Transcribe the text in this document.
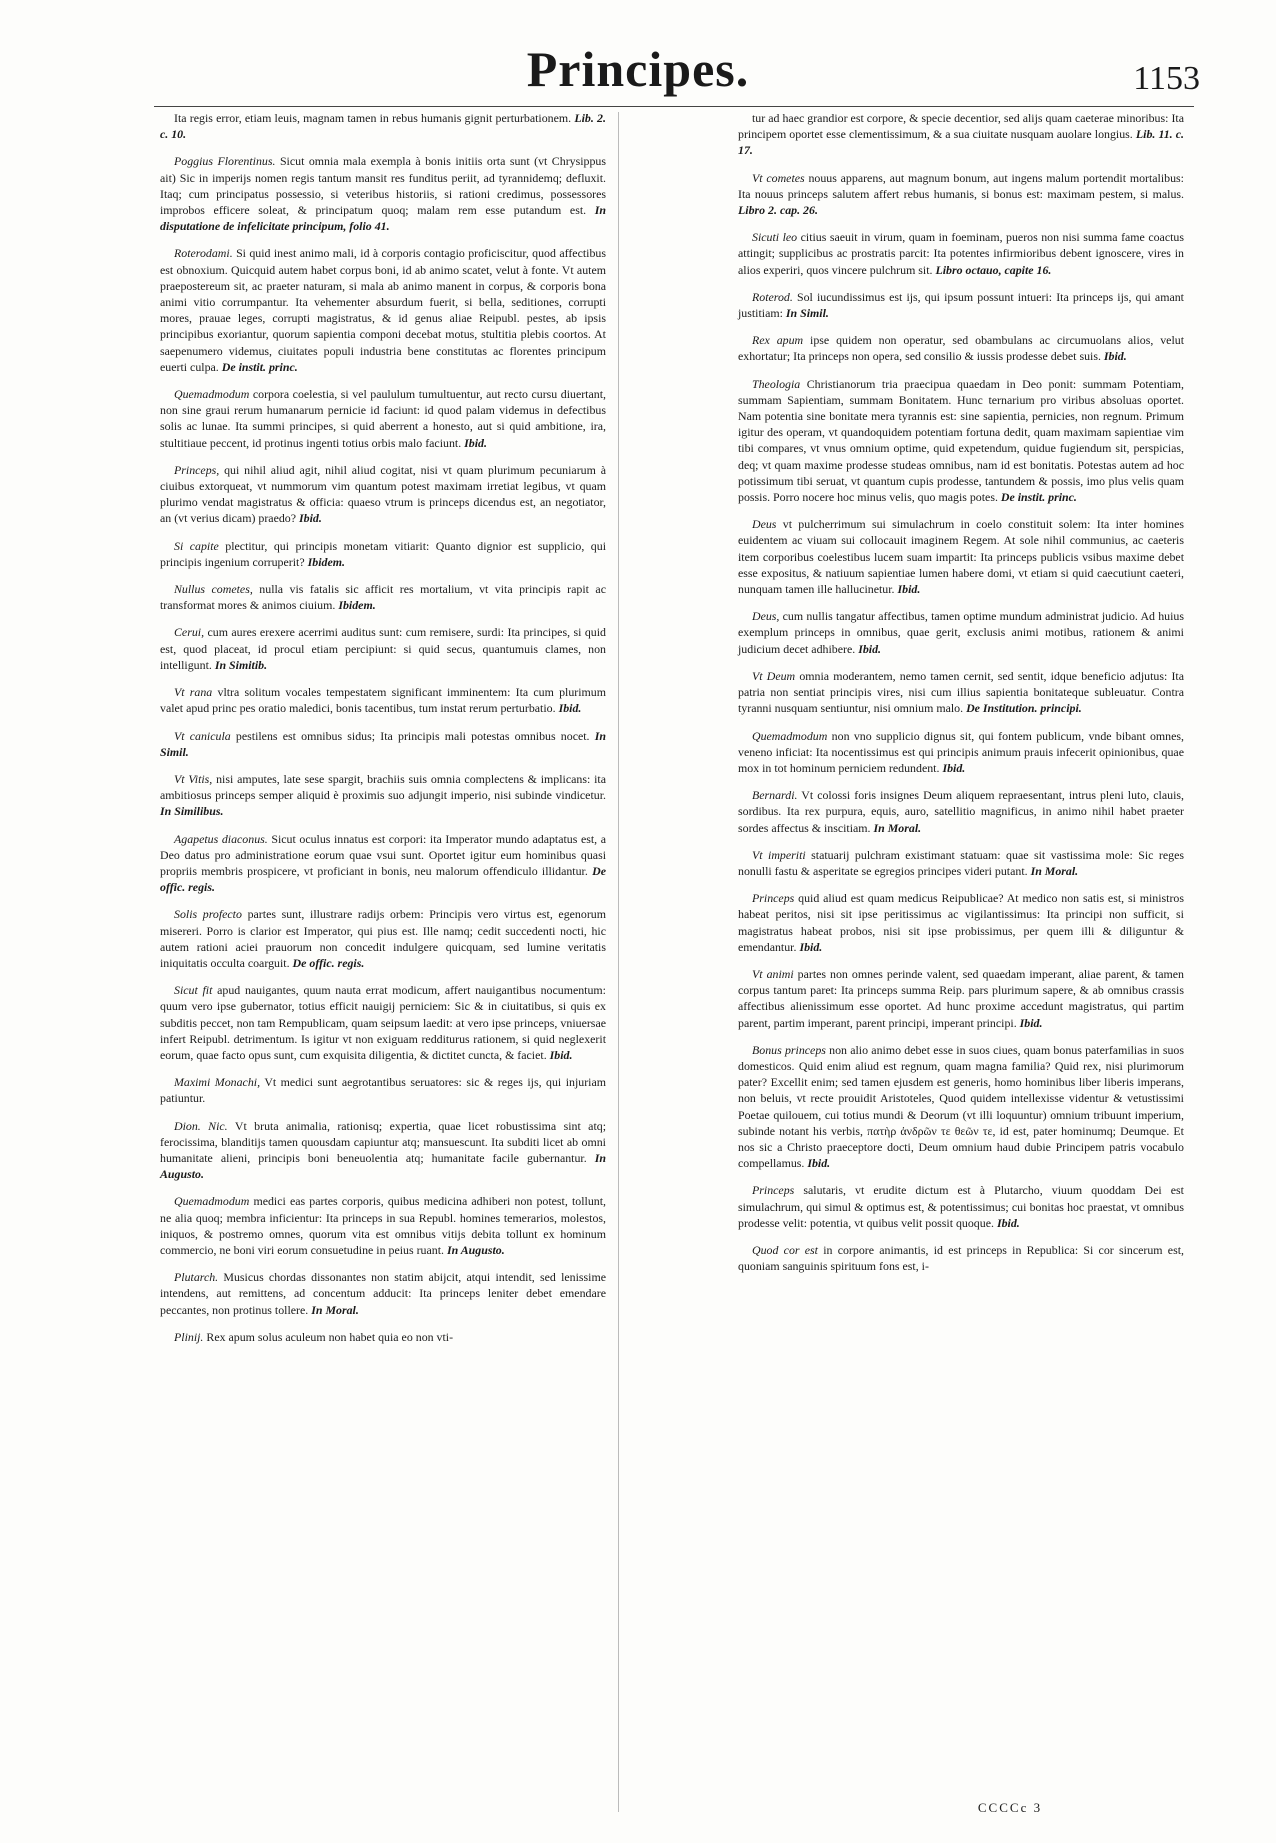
Principes.	1153

Ita regis error, etiam leuis, magnam tamen in rebus humanis gignit perturbationem. Lib. 2. c. 10.

Poggius Florentinus. Sicut omnia mala exempla à bonis initiis orta sunt (vt Chrysippus ait) Sic in imperijs nomen regis tantum mansit res funditus periit, ad tyrannidemq; defluxit. Itaq; cum principatus possessio, si veteribus historiis, si rationi credimus, possessores improbos efficere soleat, & principatum quoq; malam rem esse putandum est. In disputatione de infelicitate principum, folio 41.

Roterodami. Si quid inest animo mali, id à corporis contagio proficiscitur, quod affectibus est obnoxium. Quicquid autem habet corpus boni, id ab animo scatet, velut à fonte. Vt autem praepostereum sit, ac praeter naturam, si mala ab animo manent in corpus, & corporis bona animi vitio corrumpantur. Ita vehementer absurdum fuerit, si bella, seditiones, corrupti mores, prauae leges, corrupti magistratus, & id genus aliae Reipubl. pestes, ab ipsis principibus exoriantur, quorum sapientia componi decebat motus, stultitia plebis coortos. At saepenumero videmus, ciuitates populi industria bene constitutas ac florentes principum euerti culpa. De instit. princ.

Quemadmodum corpora coelestia, si vel paululum tumultuentur, aut recto cursu diuertant, non sine graui rerum humanarum pernicie id faciunt: id quod palam videmus in defectibus solis ac lunae. Ita summi principes, si quid aberrent a honesto, aut si quid ambitione, ira, stultitiaue peccent, id protinus ingenti totius orbis malo faciunt. Ibid.

Princeps, qui nihil aliud agit, nihil aliud cogitat, nisi vt quam plurimum pecuniarum à ciuibus extorqueat, vt nummorum vim quantum potest maximam irretiat legibus, vt quam plurimo vendat magistratus & officia: quaeso vtrum is princeps dicendus est, an negotiator, an (vt verius dicam) praedo? Ibid.

Si capite plectitur, qui principis monetam vitiarit: Quanto dignior est supplicio, qui principis ingenium corruperit? Ibidem.

Nullus cometes, nulla vis fatalis sic afficit res mortalium, vt vita principis rapit ac transformat mores & animos ciuium. Ibidem.

Cerui, cum aures erexere acerrimi auditus sunt: cum remisere, surdi: Ita principes, si quid est, quod placeat, id procul etiam percipiunt: si quid secus, quantumuis clames, non intelligunt. In Simitib.

Vt rana vltra solitum vocales tempestatem significant imminentem: Ita cum plurimum valet apud princ pes oratio maledici, bonis tacentibus, tum instat rerum perturbatio. Ibid.

Vt canicula pestilens est omnibus sidus; Ita principis mali potestas omnibus nocet. In Simil.

Vt Vitis, nisi amputes, late sese spargit, brachiis suis omnia complectens & implicans: ita ambitiosus princeps semper aliquid è proximis suo adjungit imperio, nisi subinde vindicetur. In Similibus.

Agapetus diaconus. Sicut oculus innatus est corpori: ita Imperator mundo adaptatus est, a Deo datus pro administratione eorum quae vsui sunt. Oportet igitur eum hominibus quasi propriis membris prospicere, vt proficiant in bonis, neu malorum offendiculo illidantur. De offic. regis.

Solis profecto partes sunt, illustrare radijs orbem: Principis vero virtus est, egenorum misereri. Porro is clarior est Imperator, qui pius est. Ille namq; cedit succedenti nocti, hic autem rationi aciei prauorum non concedit indulgere quicquam, sed lumine veritatis iniquitatis occulta coarguit. De offic. regis.

Sicut fit apud nauigantes, quum nauta errat modicum, affert nauigantibus nocumentum: quum vero ipse gubernator, totius efficit nauigij perniciem: Sic & in ciuitatibus, si quis ex subditis peccet, non tam Rempublicam, quam seipsum laedit: at vero ipse princeps, vniuersae infert Reipubl. detrimentum. Is igitur vt non exiguam redditurus rationem, si quid neglexerit eorum, quae facto opus sunt, cum exquisita diligentia, & dictitet cuncta, & faciet. Ibid.

Maximi Monachi, Vt medici sunt aegrotantibus seruatores: sic & reges ijs, qui injuriam patiuntur.

Dion. Nic. Vt bruta animalia, rationisq; expertia, quae licet robustissima sint atq; ferocissima, blanditijs tamen quousdam capiuntur atq; mansuescunt. Ita subditi licet ab omni humanitate alieni, principis boni beneuolentia atq; humanitate facile gubernantur. In Augusto.

Quemadmodum medici eas partes corporis, quibus medicina adhiberi non potest, tollunt, ne alia quoq; membra inficientur: Ita princeps in sua Republ. homines temerarios, molestos, iniquos, & postremo omnes, quorum vita est omnibus vitijs debita tollunt ex hominum commercio, ne boni viri eorum consuetudine in peius ruant. In Augusto.

Plutarch. Musicus chordas dissonantes non statim abijcit, atqui intendit, sed lenissime intendens, aut remittens, ad concentum adducit: Ita princeps leniter debet emendare peccantes, non protinus tollere. In Moral.

Plinij. Rex apum solus aculeum non habet quia eo non vti-

tur ad haec grandior est corpore, & specie decentior, sed alijs quam caeterae minoribus: Ita principem oportet esse clementissimum, & a sua ciuitate nusquam auolare longius. Lib. 11. c. 17.

Vt cometes nouus apparens, aut magnum bonum, aut ingens malum portendit mortalibus: Ita nouus princeps salutem affert rebus humanis, si bonus est: maximam pestem, si malus. Libro 2. cap. 26.

Sicuti leo citius saeuit in virum, quam in foeminam, pueros non nisi summa fame coactus attingit; supplicibus ac prostratis parcit: Ita potentes infirmioribus debent ignoscere, vires in alios experiri, quos vincere pulchrum sit. Libro octauo, capite 16.

Roterod. Sol iucundissimus est ijs, qui ipsum possunt intueri: Ita princeps ijs, qui amant justitiam: In Simil.

Rex apum ipse quidem non operatur, sed obambulans ac circumuolans alios, velut exhortatur; Ita princeps non opera, sed consilio & iussis prodesse debet suis. Ibid.

Theologia Christianorum tria praecipua quaedam in Deo ponit: summam Potentiam, summam Sapientiam, summam Bonitatem. Hunc ternarium pro viribus absoluas oportet. Nam potentia sine bonitate mera tyrannis est: sine sapientia, pernicies, non regnum. Primum igitur des operam, vt quandoquidem potentiam fortuna dedit, quam maximam sapientiae vim tibi compares, vt vnus omnium optime, quid expetendum, quidue fugiendum sit, perspicias, deq; vt quam maxime prodesse studeas omnibus, nam id est bonitatis. Potestas autem ad hoc potissimum tibi seruat, vt quantum cupis prodesse, tantundem & possis, imo plus velis quam possis. Porro nocere hoc minus velis, quo magis potes. De instit. princ.

Deus vt pulcherrimum sui simulachrum in coelo constituit solem: Ita inter homines euidentem ac viuam sui collocauit imaginem Regem. At sole nihil communius, ac caeteris item corporibus coelestibus lucem suam impartit: Ita princeps publicis vsibus maxime debet esse expositus, & natiuum sapientiae lumen habere domi, vt etiam si quid caecutiunt caeteri, nunquam tamen ille hallucinetur. Ibid.

Deus, cum nullis tangatur affectibus, tamen optime mundum administrat judicio. Ad huius exemplum princeps in omnibus, quae gerit, exclusis animi motibus, rationem & animi judicium decet adhibere. Ibid.

Vt Deum omnia moderantem, nemo tamen cernit, sed sentit, idque beneficio adjutus: Ita patria non sentiat principis vires, nisi cum illius sapientia bonitateque subleuatur. Contra tyranni nusquam sentiuntur, nisi omnium malo. De Institution. principi.

Quemadmodum non vno supplicio dignus sit, qui fontem publicum, vnde bibant omnes, veneno inficiat: Ita nocentissimus est qui principis animum prauis infecerit opinionibus, quae mox in tot hominum perniciem redundent. Ibid.

Bernardi. Vt colossi foris insignes Deum aliquem repraesentant, intrus pleni luto, clauis, sordibus. Ita rex purpura, equis, auro, satellitio magnificus, in animo nihil habet praeter sordes affectus & inscitiam. In Moral.

Vt imperiti statuarij pulchram existimant statuam: quae sit vastissima mole: Sic reges nonulli fastu & asperitate se egregios principes videri putant. In Moral.

Princeps quid aliud est quam medicus Reipublicae? At medico non satis est, si ministros habeat peritos, nisi sit ipse peritissimus ac vigilantissimus: Ita principi non sufficit, si magistratus habeat probos, nisi sit ipse probissimus, per quem illi & diliguntur & emendantur. Ibid.

Vt animi partes non omnes perinde valent, sed quaedam imperant, aliae parent, & tamen corpus tantum paret: Ita princeps summa Reip. pars plurimum sapere, & ab omnibus crassis affectibus alienissimum esse oportet. Ad hunc proxime accedunt magistratus, qui partim parent, partim imperant, parent principi, imperant principi. Ibid.

Bonus princeps non alio animo debet esse in suos ciues, quam bonus paterfamilias in suos domesticos. Quid enim aliud est regnum, quam magna familia? Quid rex, nisi plurimorum pater? Excellit enim; sed tamen ejusdem est generis, homo hominibus liber liberis imperans, non beluis, vt recte prouidit Aristoteles, Quod quidem intellexisse videntur & vetustissimi Poetae quilouem, cui totius mundi & Deorum (vt illi loquuntur) omnium tribuunt imperium, subinde notant his verbis, πατὴρ ἀνδρῶν τε θεῶν τε, id est, pater hominumq; Deumque. Et nos sic a Christo praeceptore docti, Deum omnium haud dubie Principem patris vocabulo compellamus. Ibid.

Princeps salutaris, vt erudite dictum est à Plutarcho, viuum quoddam Dei est simulachrum, qui simul & optimus est, & potentissimus; cui bonitas hoc praestat, vt omnibus prodesse velit: potentia, vt quibus velit possit quoque. Ibid.

Quod cor est in corpore animantis, id est princeps in Republica: Si cor sincerum est, quoniam sanguinis spirituum fons est, i-

CCCCc 3
